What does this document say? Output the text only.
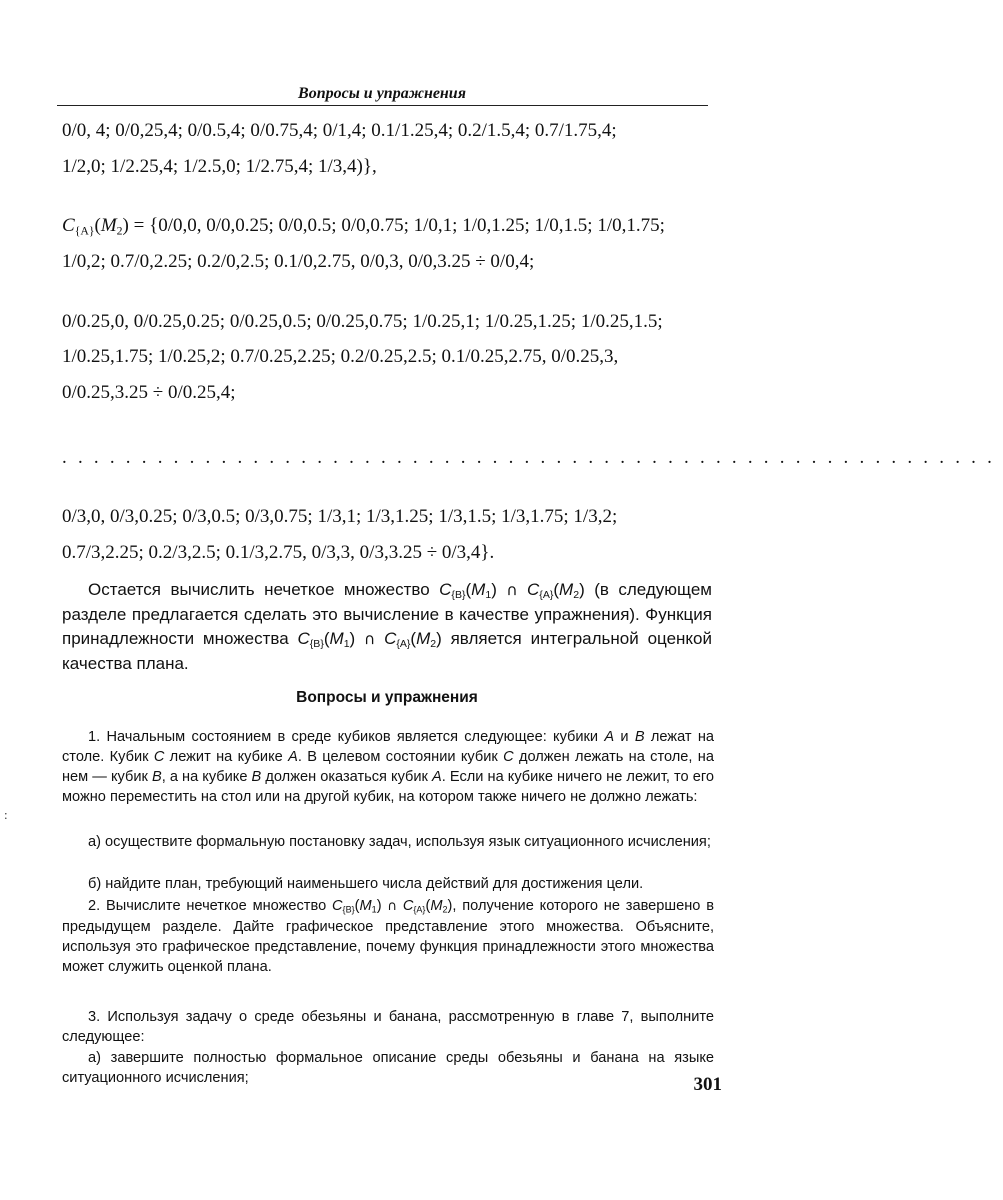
Вопросы и упражнения
0/0, 4; 0/0,25,4; 0/0.5,4; 0/0.75,4; 0/1,4; 0.1/1.25,4; 0.2/1.5,4; 0.7/1.75,4;
1/2,0; 1/2.25,4; 1/2.5,0; 1/2.75,4; 1/3,4)},
$C_{\{A\}}(M_2) = \{0/0,0$, 0/0,0.25; 0/0,0.5; 0/0,0.75; 1/0,1; 1/0,1.25; 1/0,1.5; 1/0,1.75;
1/0,2; 0.7/0,2.25; 0.2/0,2.5; 0.1/0,2.75, 0/0,3, 0/0,3.25 ÷ 0/0,4;
0/0.25,0, 0/0.25,0.25; 0/0.25,0.5; 0/0.25,0.75; 1/0.25,1; 1/0.25,1.25; 1/0.25,1.5;
1/0.25,1.75; 1/0.25,2; 0.7/0.25,2.25; 0.2/0.25,2.5; 0.1/0.25,2.75, 0/0.25,3,
0/0.25,3.25 ÷ 0/0.25,4;
...........................................................
0/3,0, 0/3,0.25; 0/3,0.5; 0/3,0.75; 1/3,1; 1/3,1.25; 1/3,1.5; 1/3,1.75; 1/3,2;
0.7/3,2.25; 0.2/3,2.5; 0.1/3,2.75, 0/3,3, 0/3,3.25 ÷ 0/3,4}.
Остается вычислить нечеткое множество $C_{\{B\}}(M_1)$ ∩ $C_{\{A\}}(M_2)$ (в следующем разделе предлагается сделать это вычисление в качестве упражнения). Функция принадлежности множества $C_{\{B\}}(M_1)$ ∩ $C_{\{A\}}(M_2)$ является интегральной оценкой качества плана.
Вопросы и упражнения
1. Начальным состоянием в среде кубиков является следующее: кубики A и B лежат на столе. Кубик C лежит на кубике A. В целевом состоянии кубик C должен лежать на столе, на нем — кубик B, а на кубике B должен оказаться кубик A. Если на кубике ничего не лежит, то его можно переместить на стол или на другой кубик, на котором также ничего не должно лежать:
а) осуществите формальную постановку задач, используя язык ситуационного исчисления;
б) найдите план, требующий наименьшего числа действий для достижения цели.
2. Вычислите нечеткое множество $C_{\{B\}}(M_1)$ ∩ $C_{\{A\}}(M_2)$, получение которого не завершено в предыдущем разделе. Дайте графическое представление этого множества. Объясните, используя это графическое представление, почему функция принадлежности этого множества может служить оценкой плана.
3. Используя задачу о среде обезьяны и банана, рассмотренную в главе 7, выполните следующее:
а) завершите полностью формальное описание среды обезьяны и банана на языке ситуационного исчисления;
:
301
